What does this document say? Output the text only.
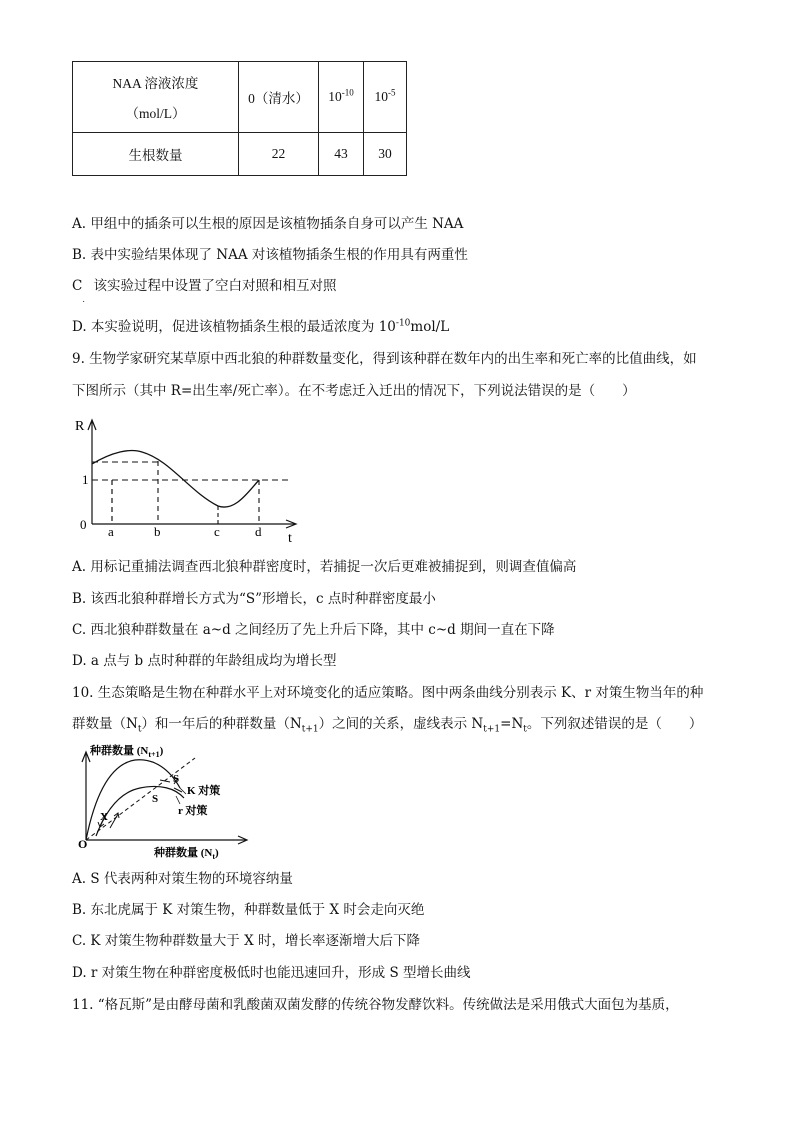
NAA 溶液浓度
（mol/L）	0（清水）	$10^{-10}$	$10^{-5}$
生根数量	22	43	30
A. 甲组中的插条可以生根的原因是该植物插条自身可以产生 NAA
B. 表中实验结果体现了 NAA 对该植物插条生根的作用具有两重性
$C_.$  该实验过程中设置了空白对照和相互对照
D. 本实验说明，促进该植物插条生根的最适浓度为 $10^{-10}mol/L$
9. 生物学家研究某草原中西北狼的种群数量变化，得到该种群在数年内的出生率和死亡率的比值曲线，如
下图所示（其中 R=出生率/死亡率）。在不考虑迁入迁出的情况下，下列说法错误的是（　　）
R
1
0 a	b	c	d t
A. 用标记重捕法调查西北狼种群密度时，若捕捉一次后更难被捕捉到，则调查值偏高
B. 该西北狼种群增长方式为“S”形增长，c 点时种群密度最小
C. 西北狼种群数量在 a~d 之间经历了先上升后下降，其中 c~d 期间一直在下降
D. a 点与 b 点时种群的年龄组成均为增长型
10. 生态策略是生物在种群水平上对环境变化的适应策略。图中两条曲线分别表示 K、r 对策生物当年的种
群数量$(N_t)$和一年后的种群数量$(N_{t+1})$之间的关系，虚线表示 $N_{t+1}=N_t$。下列叙述错误的是（　　）
种群数量 $(N_{t+1})$
种群数量 $(N_t)$
O
S
S
X
K 对策
r 对策
A. S 代表两种对策生物的环境容纳量
B. 东北虎属于 K 对策生物，种群数量低于 X 时会走向灭绝
C. K 对策生物种群数量大于 X 时，增长率逐渐增大后下降
D. r 对策生物在种群密度极低时也能迅速回升，形成 S 型增长曲线
11. “格瓦斯”是由酵母菌和乳酸菌双菌发酵的传统谷物发酵饮料。传统做法是采用俄式大面包为基质，
